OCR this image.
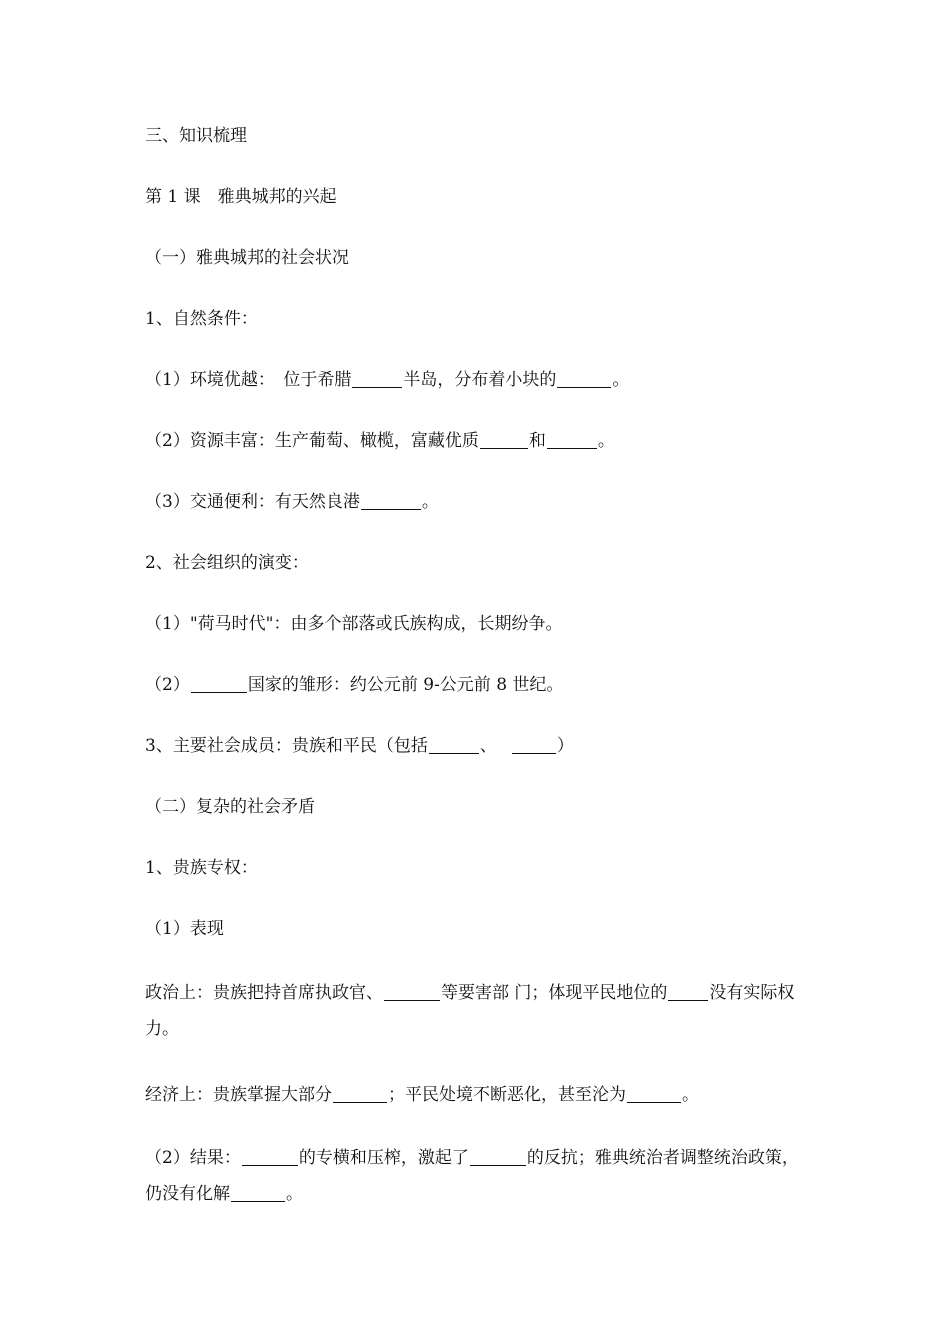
三、知识梳理
第 1 课　雅典城邦的兴起
（一）雅典城邦的社会状况
1、自然条件：
（1）环境优越：　位于希腊	半岛，分布着小块的	。
（2）资源丰富：生产葡萄、橄榄，富藏优质	和	。
（3）交通便利：有天然良港	。
2、社会组织的演变：
（1）"荷马时代"：由多个部落或氏族构成，长期纷争。
（2）	国家的雏形：约公元前 9-公元前 8 世纪。
3、主要社会成员：贵族和平民（包括	、	）
（二）复杂的社会矛盾
1、贵族专权：
（1）表现
政治上：贵族把持首席执政官、	等要害部 门；体现平民地位的 没有实际权力。
经济上：贵族掌握大部分	；平民处境不断恶化，甚至沦为	。
（2）结果：	的专横和压榨，激起了	的反抗；雅典统治者调整统治政策，仍没有化解	。
